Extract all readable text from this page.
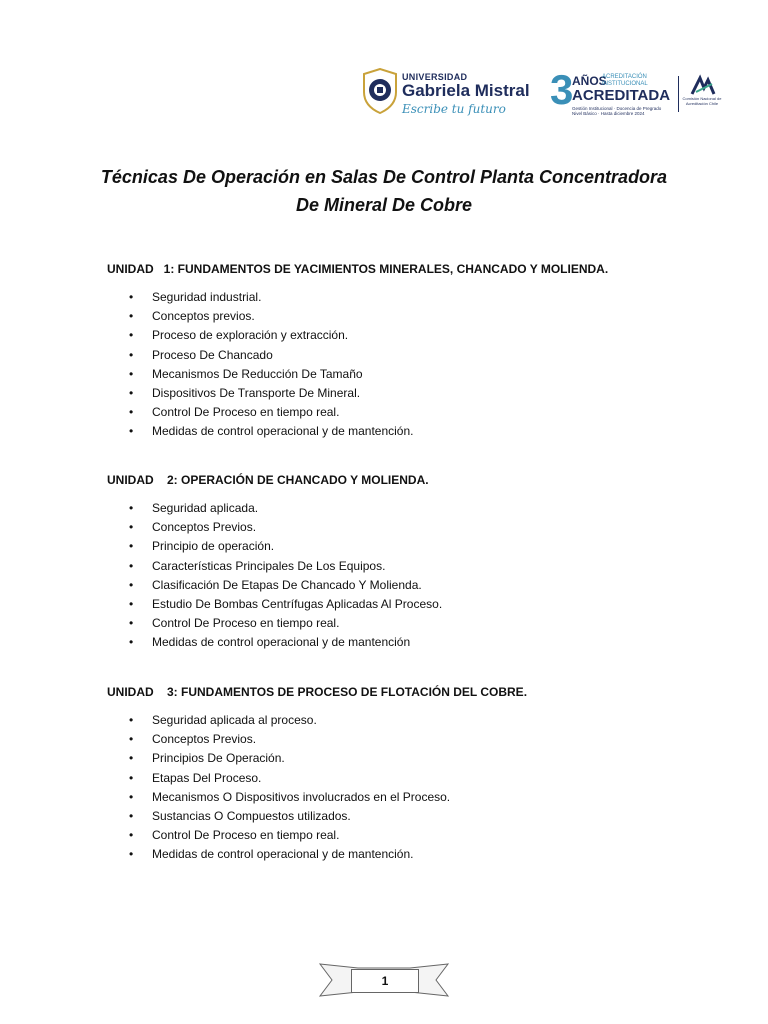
UNIVERSIDAD
Gabriela Mistral
Escribe tu futuro	3
AÑOS
ACREDITACIÓN INSTITUCIONAL
ACREDITADA
Gestión Institucional · Docencia de Pregrado Nivel Básico · Hasta diciembre 2024
Comisión Nacional de Acreditación Chile
Técnicas De Operación en Salas De Control Planta Concentradora
De Mineral De Cobre

UNIDAD   1: FUNDAMENTOS DE YACIMIENTOS MINERALES, CHANCADO Y MOLIENDA.

• Seguridad industrial.
• Conceptos previos.
• Proceso de exploración y extracción.
• Proceso De Chancado
• Mecanismos De Reducción De Tamaño
• Dispositivos De Transporte De Mineral.
• Control De Proceso en tiempo real.
• Medidas de control operacional y de mantención.

UNIDAD    2: OPERACIÓN DE CHANCADO Y MOLIENDA.

• Seguridad aplicada.
• Conceptos Previos.
• Principio de operación.
• Características Principales De Los Equipos.
• Clasificación De Etapas De Chancado Y Molienda.
• Estudio De Bombas Centrífugas Aplicadas Al Proceso.
• Control De Proceso en tiempo real.
• Medidas de control operacional y de mantención

UNIDAD    3: FUNDAMENTOS DE PROCESO DE FLOTACIÓN DEL COBRE.

• Seguridad aplicada al proceso.
• Conceptos Previos.
• Principios De Operación.
• Etapas Del Proceso.
• Mecanismos O Dispositivos involucrados en el Proceso.
• Sustancias O Compuestos utilizados.
• Control De Proceso en tiempo real.
• Medidas de control operacional y de mantención.
1
